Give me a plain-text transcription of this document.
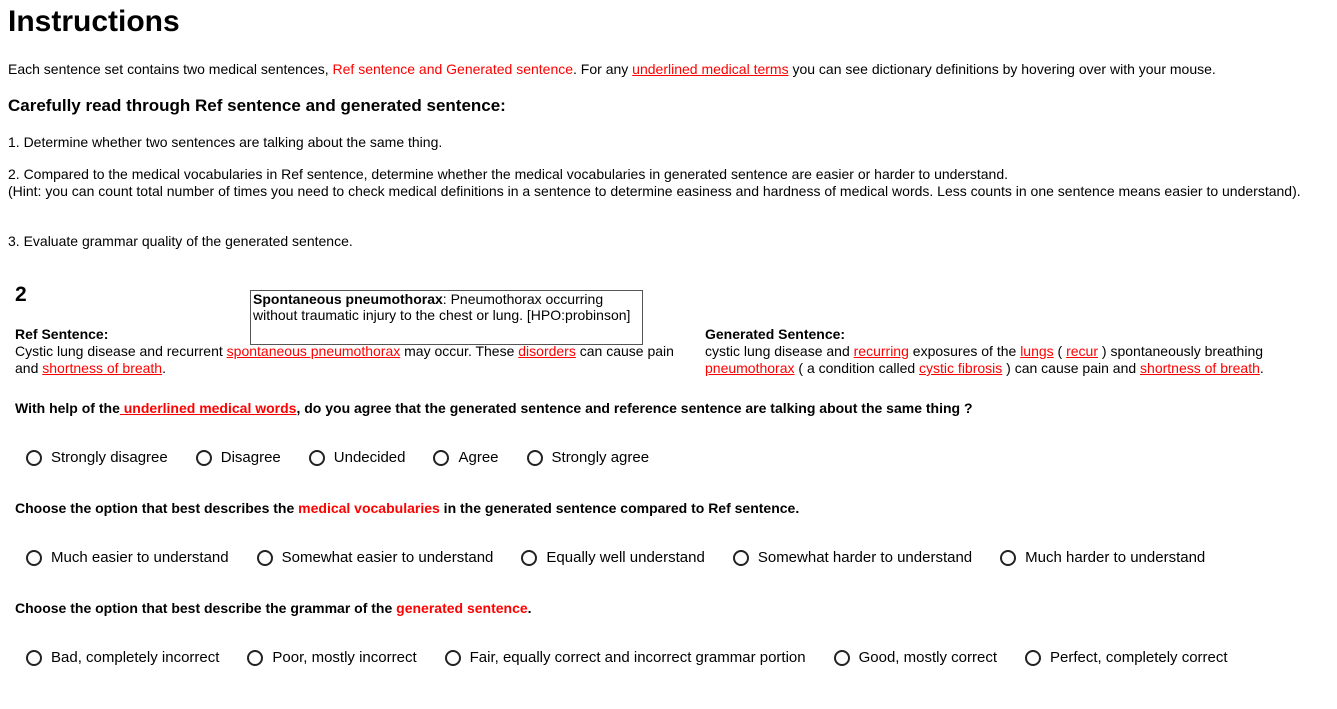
Instructions
Each sentence set contains two medical sentences, Ref sentence and Generated sentence. For any underlined medical terms you can see dictionary definitions by hovering over with your mouse.
Carefully read through Ref sentence and generated sentence:
1. Determine whether two sentences are talking about the same thing.
2. Compared to the medical vocabularies in Ref sentence, determine whether the medical vocabularies in generated sentence are easier or harder to understand.
(Hint: you can count total number of times you need to check medical definitions in a sentence to determine easiness and hardness of medical words. Less counts in one sentence means easier to understand).
3. Evaluate grammar quality of the generated sentence.
2	Spontaneous pneumothorax: Pneumothorax occurring without traumatic injury to the chest or lung. [HPO:probinson]
Ref Sentence:
Cystic lung disease and recurrent spontaneous pneumothorax may occur. These disorders can cause pain and shortness of breath.
Generated Sentence:
cystic lung disease and recurring exposures of the lungs ( recur ) spontaneously breathing pneumothorax ( a condition called cystic fibrosis ) can cause pain and shortness of breath.
With help of the underlined medical words, do you agree that the generated sentence and reference sentence are talking about the same thing ?
Strongly disagree	Disagree	Undecided	Agree	Strongly agree
Choose the option that best describes the medical vocabularies in the generated sentence compared to Ref sentence.
Much easier to understand	Somewhat easier to understand	Equally well understand	Somewhat harder to understand	Much harder to understand
Choose the option that best describe the grammar of the generated sentence.
Bad, completely incorrect	Poor, mostly incorrect	Fair, equally correct and incorrect grammar portion	Good, mostly correct	Perfect, completely correct
